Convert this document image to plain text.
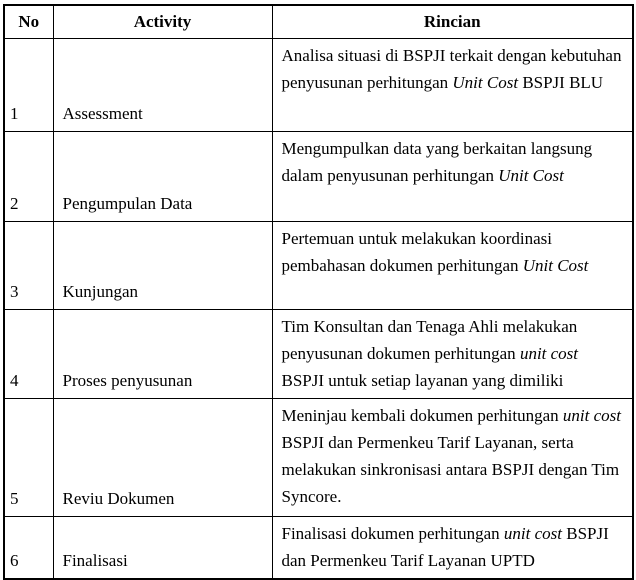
No	Activity	Rincian
1	Assessment	Analisa situasi di BSPJI terkait dengan kebutuhan penyusunan perhitungan Unit Cost BSPJI BLU
2	Pengumpulan Data	Mengumpulkan data yang berkaitan langsung dalam penyusunan perhitungan Unit Cost
3	Kunjungan	Pertemuan untuk melakukan koordinasi pembahasan dokumen perhitungan Unit Cost
4	Proses penyusunan	Tim Konsultan dan Tenaga Ahli melakukan penyusunan dokumen perhitungan unit cost BSPJI untuk setiap layanan yang dimiliki
5	Reviu Dokumen	Meninjau kembali dokumen perhitungan unit cost BSPJI dan Permenkeu Tarif Layanan, serta melakukan sinkronisasi antara BSPJI dengan Tim Syncore.
6	Finalisasi	Finalisasi dokumen perhitungan unit cost BSPJI dan Permenkeu Tarif Layanan UPTD
